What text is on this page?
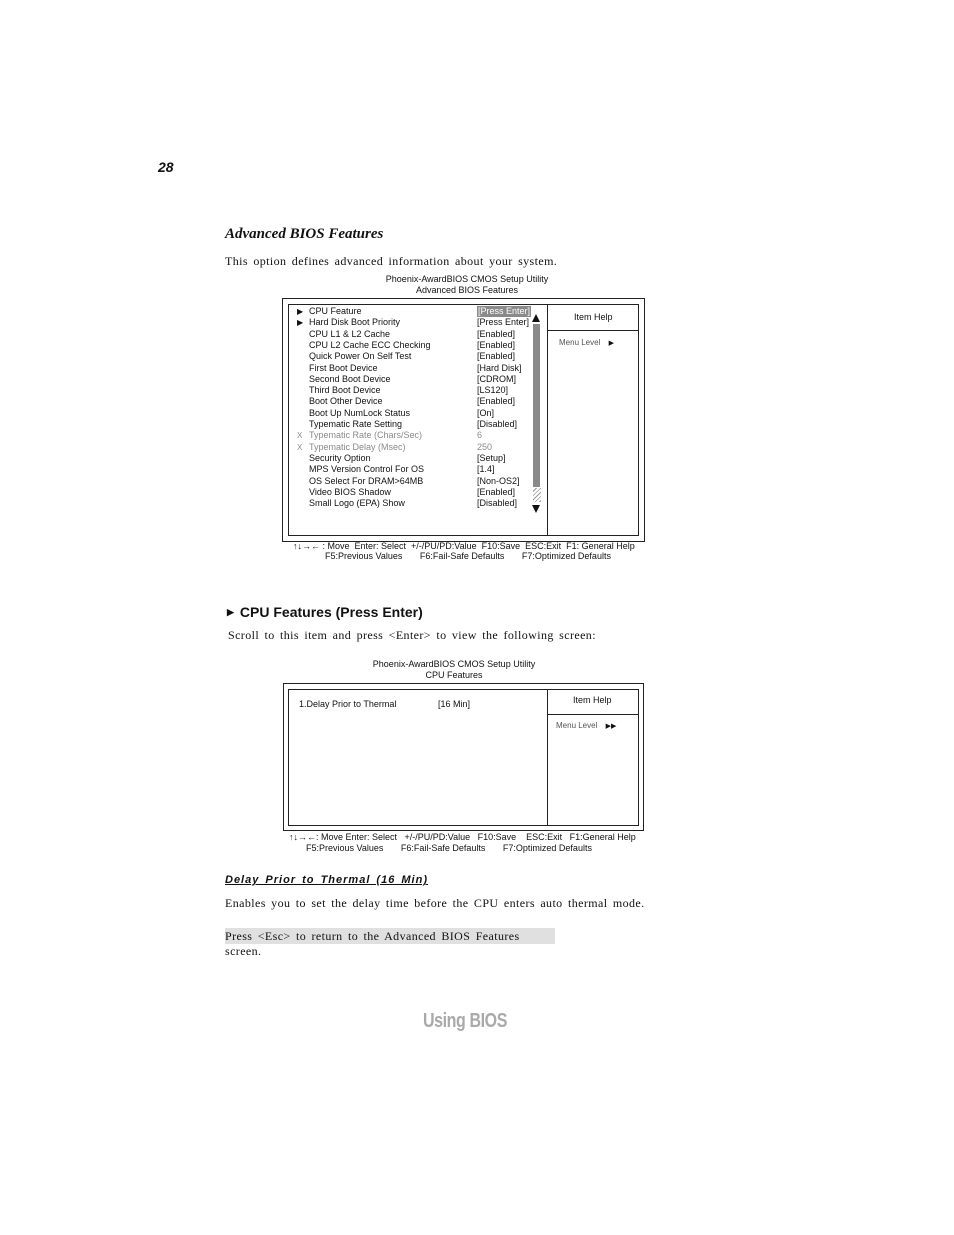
28
Advanced BIOS Features
This option defines advanced information about your system.
Phoenix-AwardBIOS CMOS Setup Utility
Advanced BIOS Features
▶ CPU Feature	[Press Enter]
▶ Hard Disk Boot Priority	[Press Enter]
CPU L1 & L2 Cache	[Enabled]
CPU L2 Cache ECC Checking	[Enabled]
Quick Power On Self Test	[Enabled]
First Boot Device	[Hard Disk]
Second Boot Device	[CDROM]
Third Boot Device	[LS120]
Boot Other Device	[Enabled]
Boot Up NumLock Status	[On]
Typematic Rate Setting	[Disabled]
X Typematic Rate (Chars/Sec)	6
X Typematic Delay (Msec)	250
Security Option	[Setup]
MPS Version Control For OS	[1.4]
OS Select For DRAM>64MB	[Non-OS2]
Video BIOS Shadow	[Enabled]
Small Logo (EPA) Show	[Disabled]
Item Help
Menu Level ▶
↑↓→← : Move  Enter: Select  +/-/PU/PD:Value  F10:Save  ESC:Exit  F1: General Help
F5:Previous Values       F6:Fail-Safe Defaults       F7:Optimized Defaults
▶ CPU Features (Press Enter)
Scroll to this item and press <Enter> to view the following screen:
Phoenix-AwardBIOS CMOS Setup Utility
CPU Features
1.Delay Prior to Thermal	[16 Min]	Item Help
Menu Level ▶▶
↑↓→←: Move Enter: Select   +/-/PU/PD:Value   F10:Save    ESC:Exit   F1:General Help
F5:Previous Values       F6:Fail-Safe Defaults       F7:Optimized Defaults
Delay Prior to Thermal (16 Min)
Enables you to set the delay time before the CPU enters auto thermal mode.
Press <Esc> to return to the Advanced BIOS Features screen.
Using BIOS
